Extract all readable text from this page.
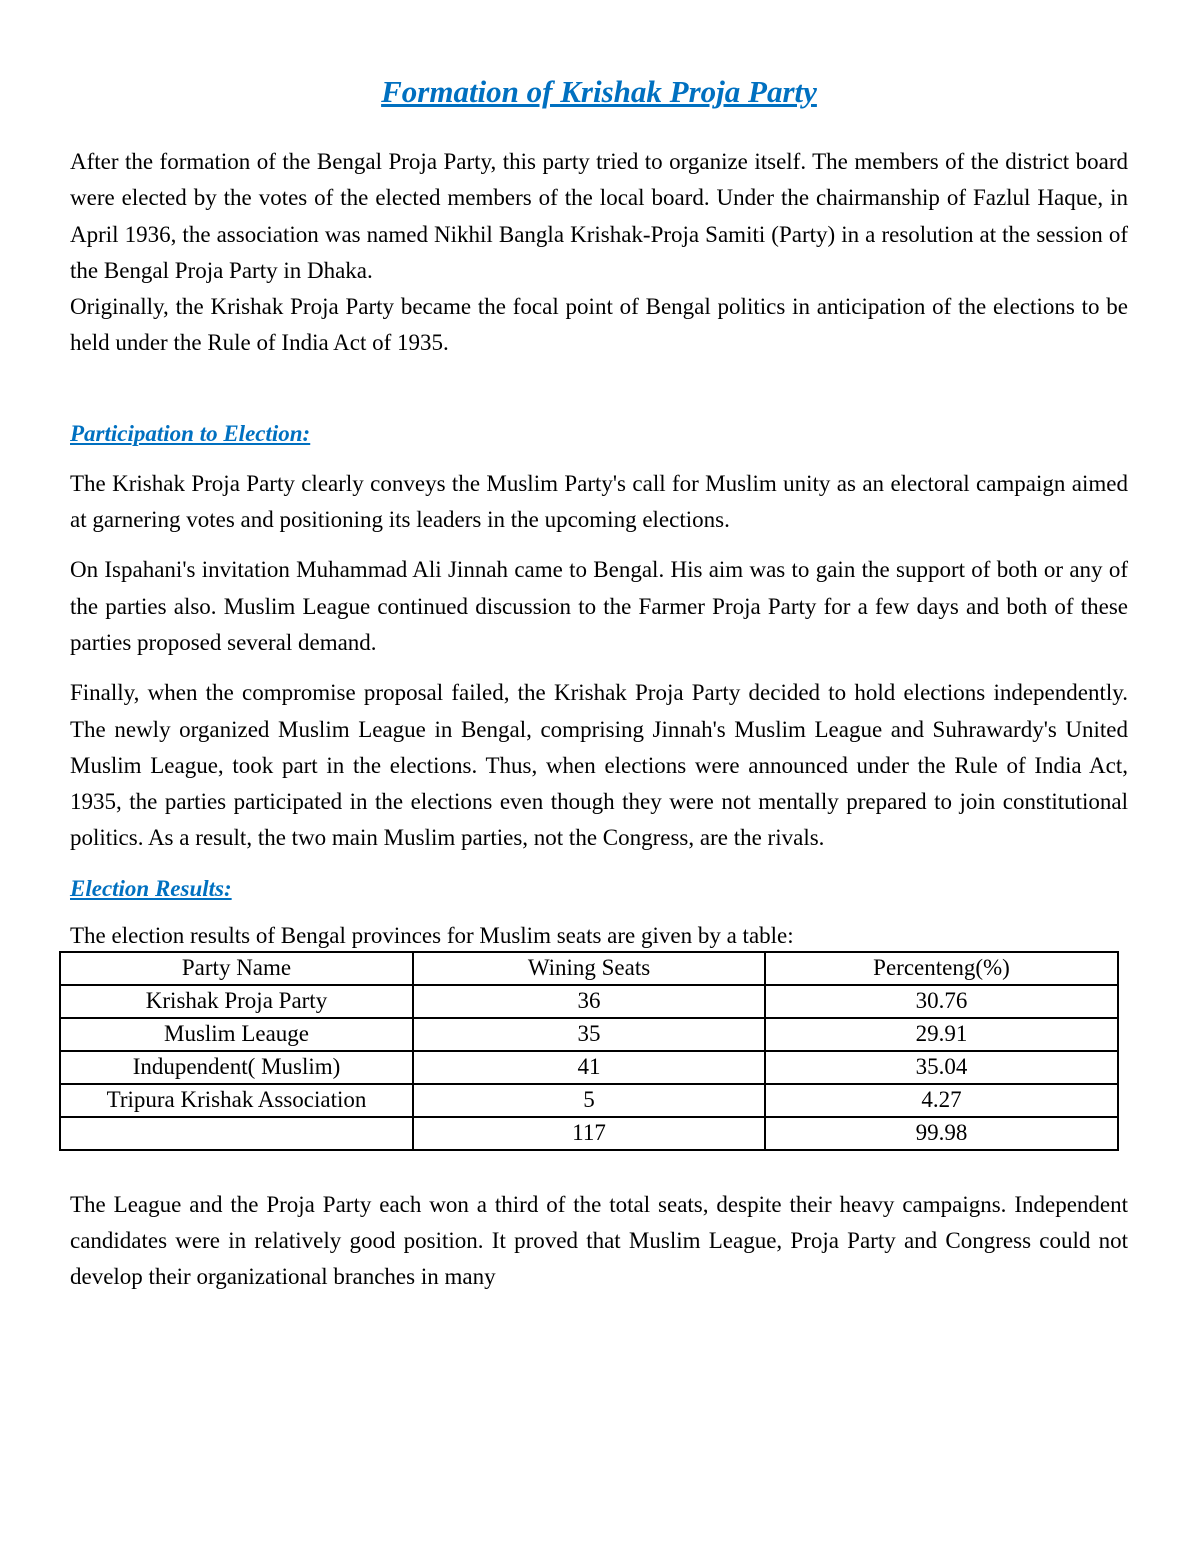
Formation of Krishak Proja Party

After the formation of the Bengal Proja Party, this party tried to organize itself. The members of the district board were elected by the votes of the elected members of the local board. Under the chairmanship of Fazlul Haque, in April 1936, the association was named Nikhil Bangla Krishak-Proja Samiti (Party) in a resolution at the session of the Bengal Proja Party in Dhaka.

Originally, the Krishak Proja Party became the focal point of Bengal politics in anticipation of the elections to be held under the Rule of India Act of 1935.

Participation to Election:

The Krishak Proja Party clearly conveys the Muslim Party's call for Muslim unity as an electoral campaign aimed at garnering votes and positioning its leaders in the upcoming elections.

On Ispahani's invitation Muhammad Ali Jinnah came to Bengal. His aim was to gain the support of both or any of the parties also. Muslim League continued discussion to the Farmer Proja Party for a few days and both of these parties proposed several demand.

Finally, when the compromise proposal failed, the Krishak Proja Party decided to hold elections independently. The newly organized Muslim League in Bengal, comprising Jinnah's Muslim League and Suhrawardy's United Muslim League, took part in the elections. Thus, when elections were announced under the Rule of India Act, 1935, the parties participated in the elections even though they were not mentally prepared to join constitutional politics. As a result, the two main Muslim parties, not the Congress, are the rivals.

Election Results:

The election results of Bengal provinces for Muslim seats are given by a table:

Party Name	Wining Seats	Percenteng(%)
Krishak Proja Party	36	30.76
Muslim Leauge	35	29.91
Indupendent( Muslim)	41	35.04
Tripura Krishak Association	5	4.27
	117	99.98

The League and the Proja Party each won a third of the total seats, despite their heavy campaigns. Independent candidates were in relatively good position. It proved that Muslim League, Proja Party and Congress could not develop their organizational branches in many
